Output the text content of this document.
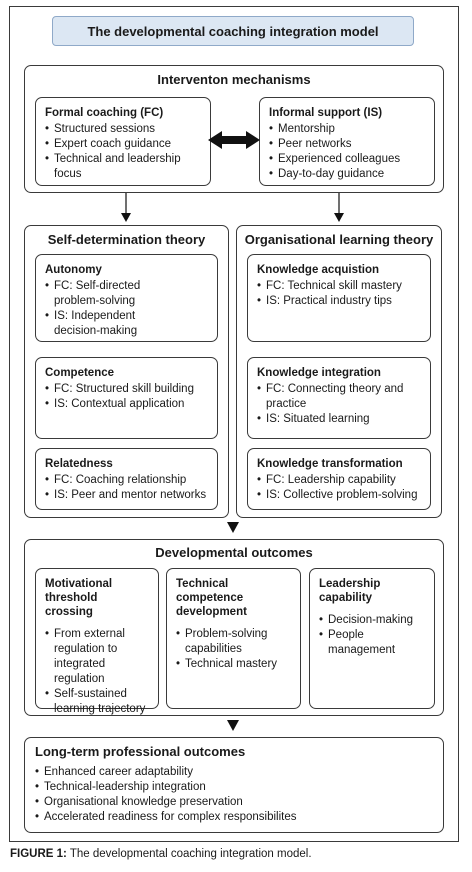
The developmental coaching integration model
Interventon mechanisms
Formal coaching (FC)
• Structured sessions
• Expert coach guidance
• Technical and leadership focus
Informal support (IS)
• Mentorship
• Peer networks
• Experienced colleagues
• Day-to-day guidance
Self-determination theory
Autonomy
• FC: Self-directed problem-solving
• IS: Independent decision-making
Competence
• FC: Structured skill building
• IS: Contextual application
Relatedness
• FC: Coaching relationship
• IS: Peer and mentor networks
Organisational learning theory
Knowledge acquistion
• FC: Technical skill mastery
• IS: Practical industry tips
Knowledge integration
• FC: Connecting theory and practice
• IS: Situated learning
Knowledge transformation
• FC: Leadership capability
• IS: Collective problem-solving
Developmental outcomes
Motivational threshold crossing
• From external regulation to integrated regulation
• Self-sustained learning trajectory
Technical competence development
• Problem-solving capabilities
• Technical mastery
Leadership capability
• Decision-making
• People management
Long-term professional outcomes
• Enhanced career adaptability
• Technical-leadership integration
• Organisational knowledge preservation
• Accelerated readiness for complex responsibilites
FIGURE 1: The developmental coaching integration model.
